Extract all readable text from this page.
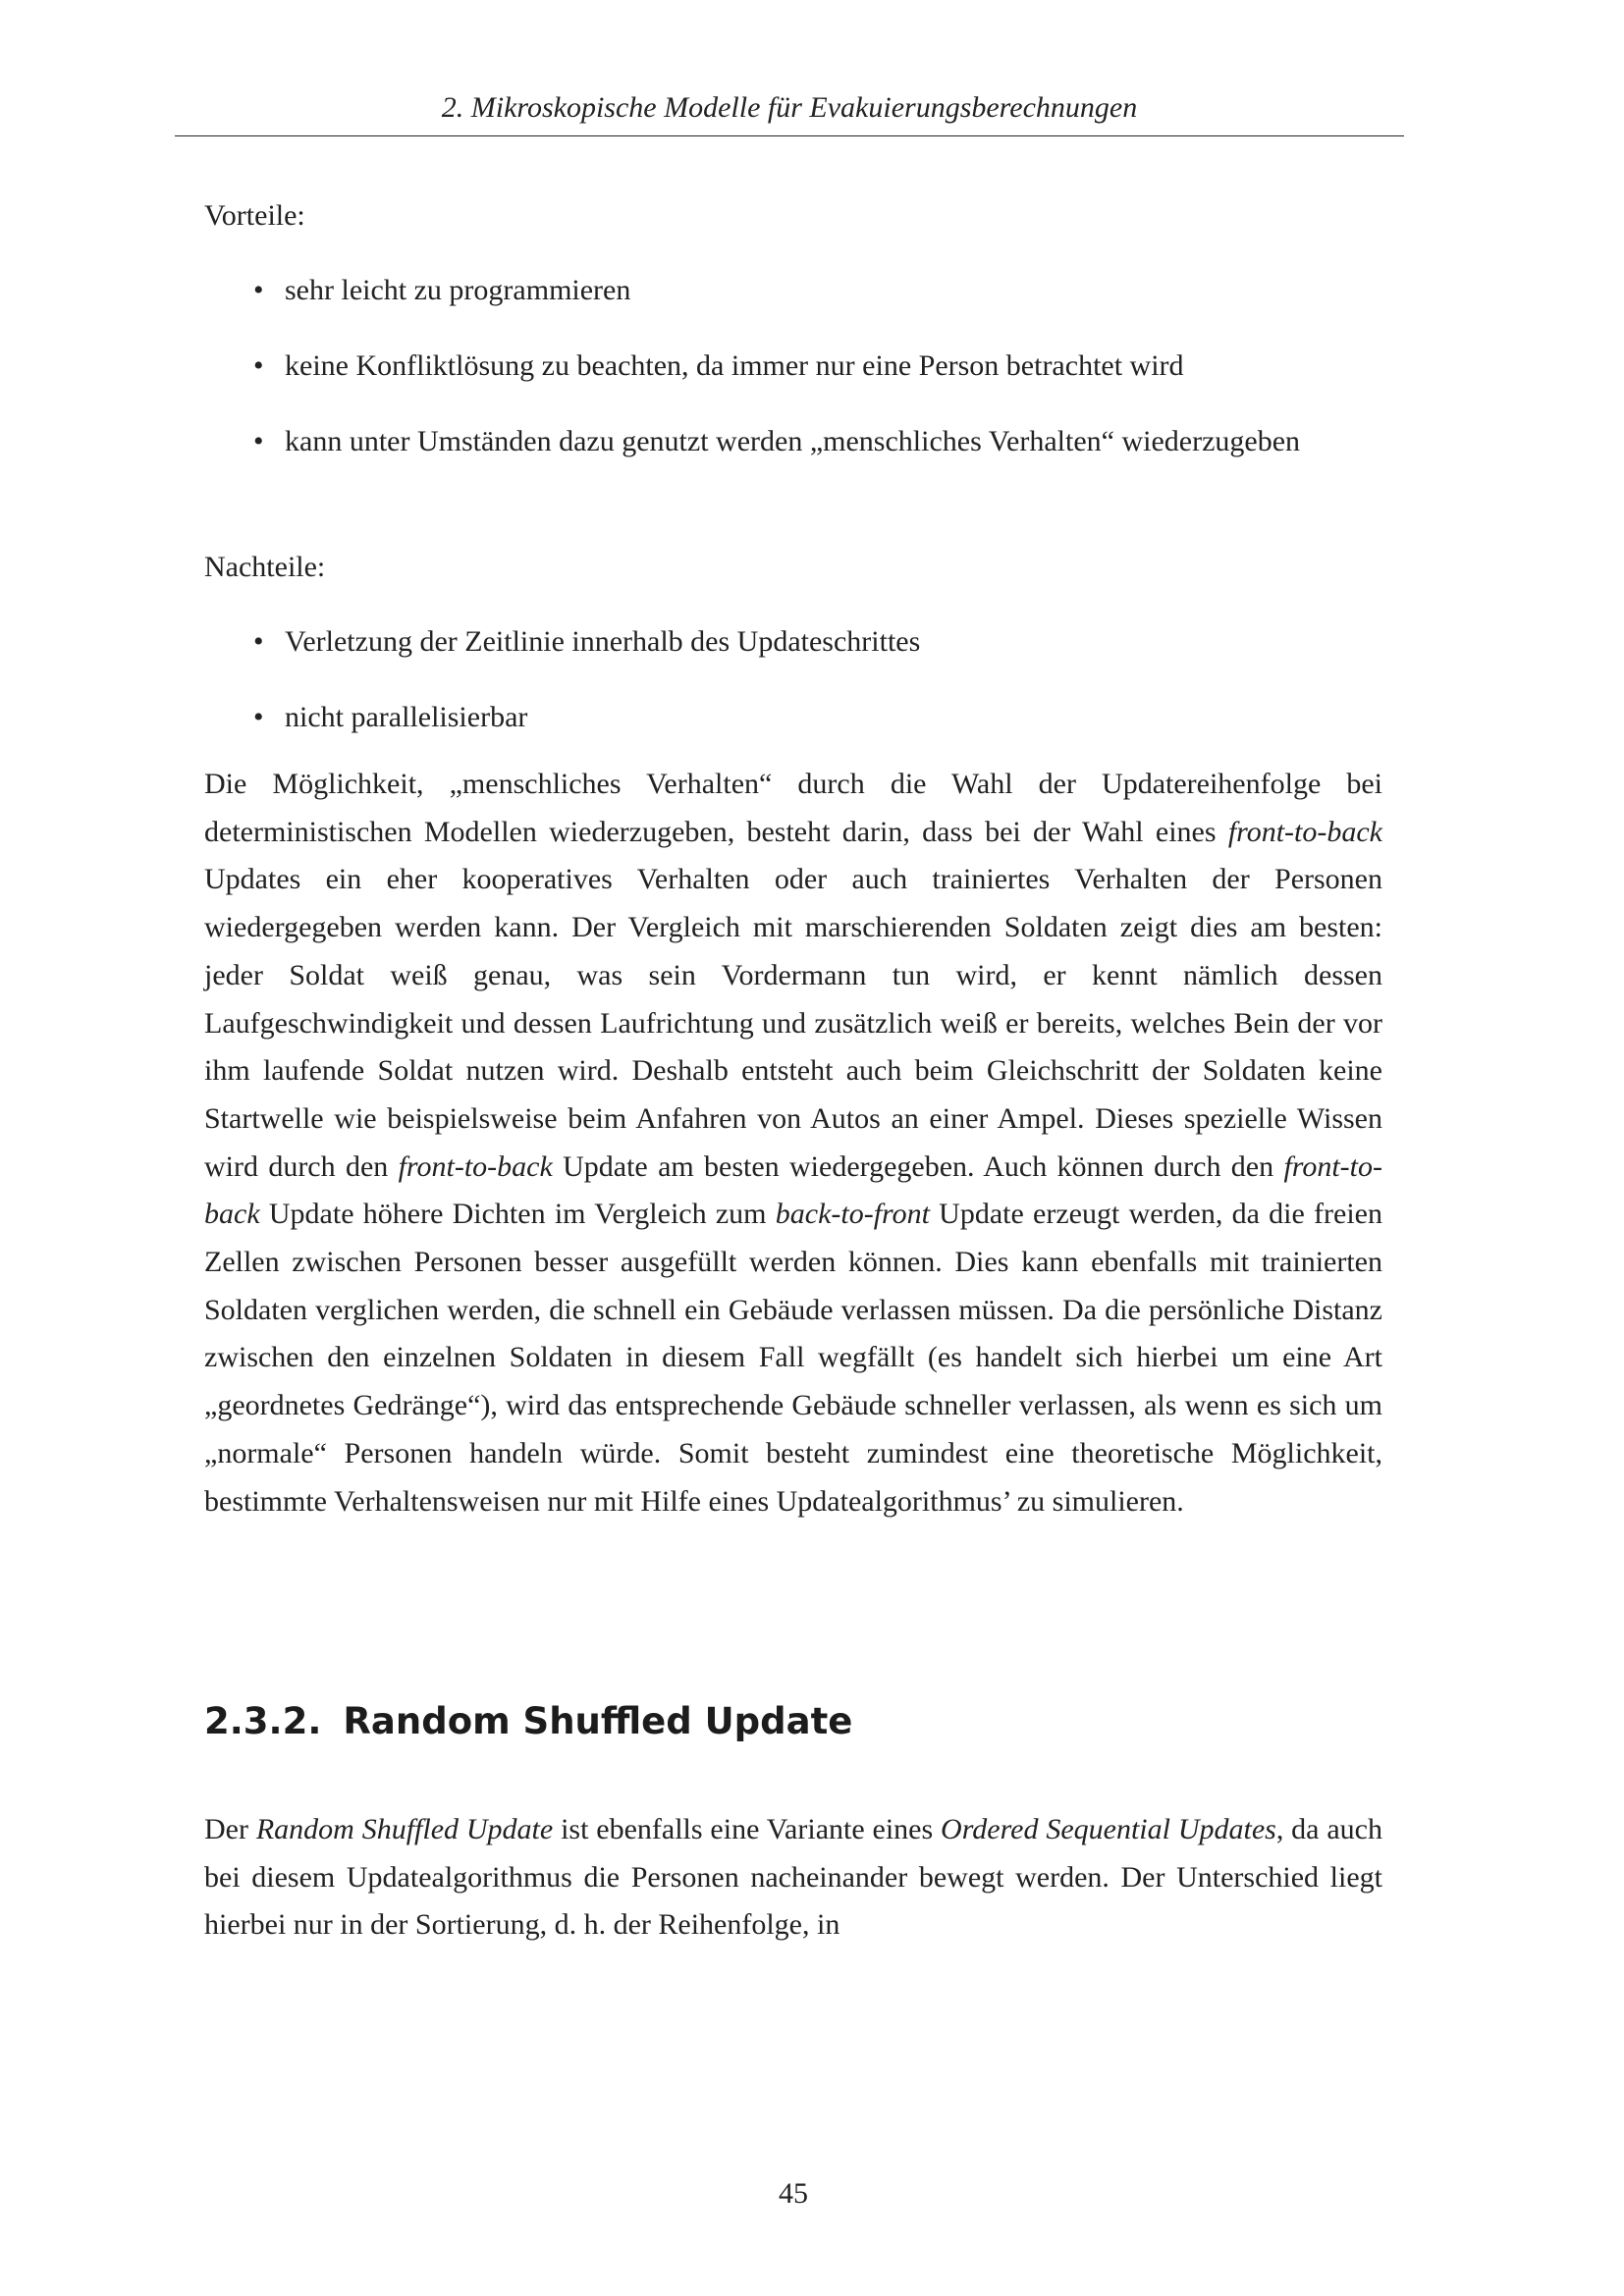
2. Mikroskopische Modelle für Evakuierungsberechnungen
Vorteile:
• sehr leicht zu programmieren
• keine Konfliktlösung zu beachten, da immer nur eine Person betrachtet wird
• kann unter Umständen dazu genutzt werden „menschliches Verhalten“ wiederzugeben
Nachteile:
• Verletzung der Zeitlinie innerhalb des Updateschrittes
• nicht parallelisierbar

Die Möglichkeit, „menschliches Verhalten“ durch die Wahl der Updatereihenfolge bei deterministischen Modellen wiederzugeben, besteht darin, dass bei der Wahl eines front-to-back Updates ein eher kooperatives Verhalten oder auch trainiertes Verhalten der Personen wiedergegeben werden kann. Der Vergleich mit marschierenden Soldaten zeigt dies am besten: jeder Soldat weiß genau, was sein Vordermann tun wird, er kennt nämlich dessen Laufgeschwindigkeit und dessen Laufrichtung und zusätzlich weiß er bereits, welches Bein der vor ihm laufende Soldat nutzen wird. Deshalb entsteht auch beim Gleichschritt der Soldaten keine Startwelle wie beispielsweise beim Anfahren von Autos an einer Ampel. Dieses spezielle Wissen wird durch den front-to-back Update am besten wiedergegeben. Auch können durch den front-to-back Update höhere Dichten im Vergleich zum back-to-front Update erzeugt werden, da die freien Zellen zwischen Personen besser ausgefüllt werden können. Dies kann ebenfalls mit trainierten Soldaten verglichen werden, die schnell ein Gebäude verlassen müssen. Da die persönliche Distanz zwischen den einzelnen Soldaten in diesem Fall wegfällt (es handelt sich hierbei um eine Art „geordnetes Gedränge“), wird das entsprechende Gebäude schneller verlassen, als wenn es sich um „normale“ Personen handeln würde. Somit besteht zumindest eine theoretische Möglichkeit, bestimmte Verhaltensweisen nur mit Hilfe eines Updatealgorithmus’ zu simulieren.

2.3.2. Random Shuffled Update

Der Random Shuffled Update ist ebenfalls eine Variante eines Ordered Sequential Updates, da auch bei diesem Updatealgorithmus die Personen nacheinander bewegt werden. Der Unterschied liegt hierbei nur in der Sortierung, d. h. der Reihenfolge, in

45
